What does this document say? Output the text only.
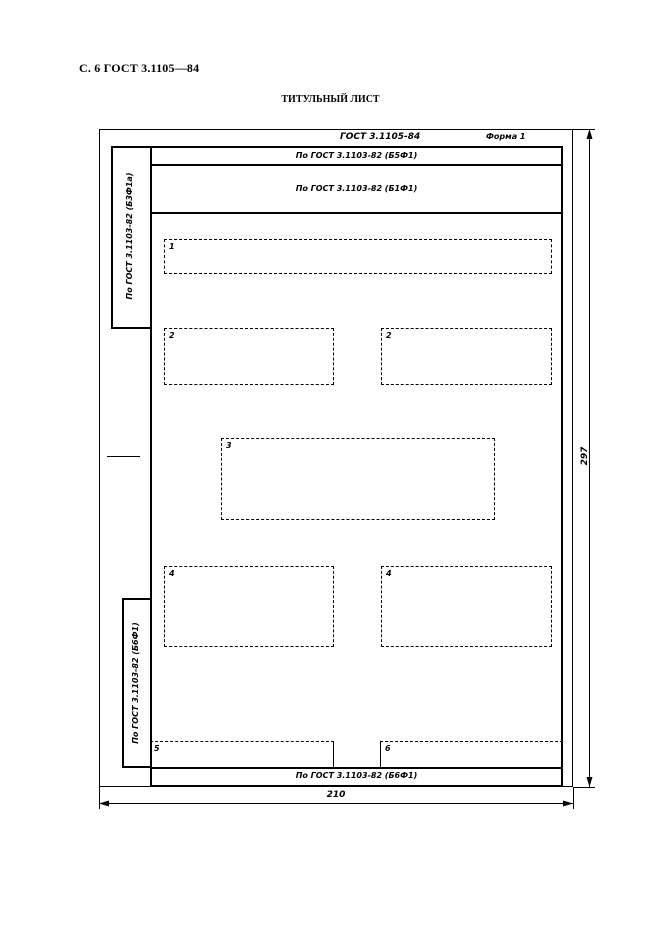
С. 6 ГОСТ 3.1105—84
ТИТУЛЬНЫЙ ЛИСТ
ГОСТ 3.1105-84	Форма 1
По ГОСТ 3.1103-82 (Б5Ф1)
По ГОСТ 3.1103-82 (Б1Ф1)
По ГОСТ 3.1103-82 (Б3Ф1а)
По ГОСТ 3.1103-82 (Б6Ф1)
По ГОСТ 3.1103-82 (Б6Ф1)
1
2	2
3
4	4
5	6
297
210
